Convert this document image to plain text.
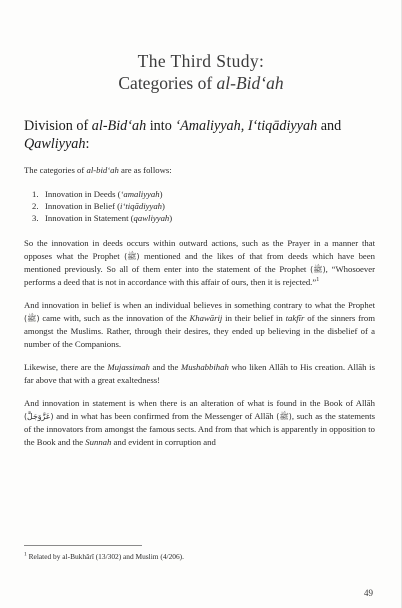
The Third Study:
Categories of al-Bid‘ah
Division of al-Bid‘ah into ‘Amaliyyah, I‘tiqādiyyah and Qawliyyah:

The categories of al-bid‘ah are as follows:

1. Innovation in Deeds (‘amaliyyah)
2. Innovation in Belief (i‘tiqādiyyah)
3. Innovation in Statement (qawliyyah)

So the innovation in deeds occurs within outward actions, such as the Prayer in a manner that opposes what the Prophet (ﷺ) mentioned and the likes of that from deeds which have been mentioned previously. So all of them enter into the statement of the Prophet (ﷺ), “Whosoever performs a deed that is not in accordance with this affair of ours, then it is rejected.”$^1$

And innovation in belief is when an individual believes in something contrary to what the Prophet (ﷺ) came with, such as the innovation of the Khawārij in their belief in takfīr of the sinners from amongst the Muslims. Rather, through their desires, they ended up believing in the disbelief of a number of the Companions.

Likewise, there are the Mujassimah and the Mushabbihah who liken Allāh to His creation. Allāh is far above that with a great exaltedness!

And innovation in statement is when there is an alteration of what is found in the Book of Allāh (عَزَّوَجَلَّ) and in what has been confirmed from the Messenger of Allāh (ﷺ), such as the statements of the innovators from amongst the famous sects. And from that which is apparently in opposition to the Book and the Sunnah and evident in corruption and

$^1$ Related by al-Bukhārī (13/302) and Muslim (4/206).
49
